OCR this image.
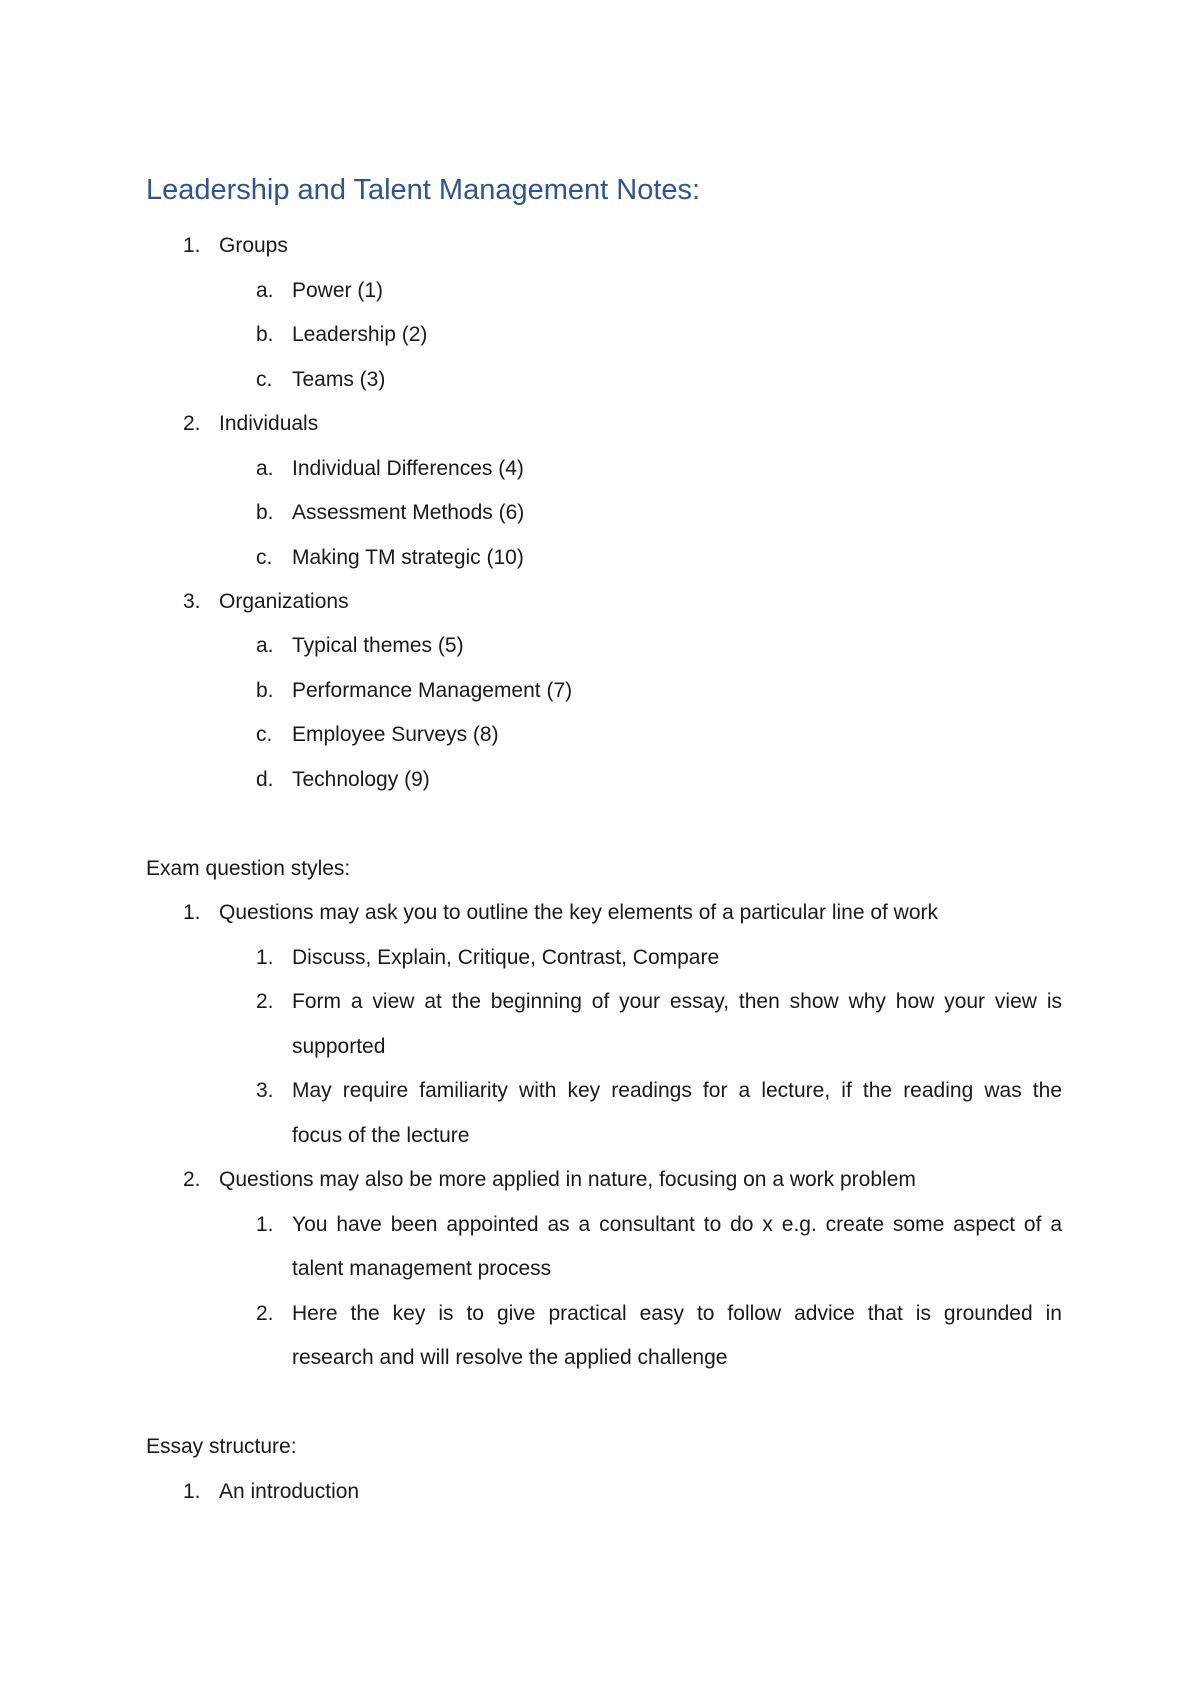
Leadership and Talent Management Notes:
1. Groups
a. Power (1)
b. Leadership (2)
c. Teams (3)
2. Individuals
a. Individual Differences (4)
b. Assessment Methods (6)
c. Making TM strategic (10)
3. Organizations
a. Typical themes (5)
b. Performance Management (7)
c. Employee Surveys (8)
d. Technology (9)
Exam question styles:
1. Questions may ask you to outline the key elements of a particular line of work
1. Discuss, Explain, Critique, Contrast, Compare
2. Form a view at the beginning of your essay, then show why how your view is
supported
3. May require familiarity with key readings for a lecture, if the reading was the
focus of the lecture
2. Questions may also be more applied in nature, focusing on a work problem
1. You have been appointed as a consultant to do x e.g. create some aspect of a
talent management process
2. Here the key is to give practical easy to follow advice that is grounded in
research and will resolve the applied challenge
Essay structure:
1. An introduction
